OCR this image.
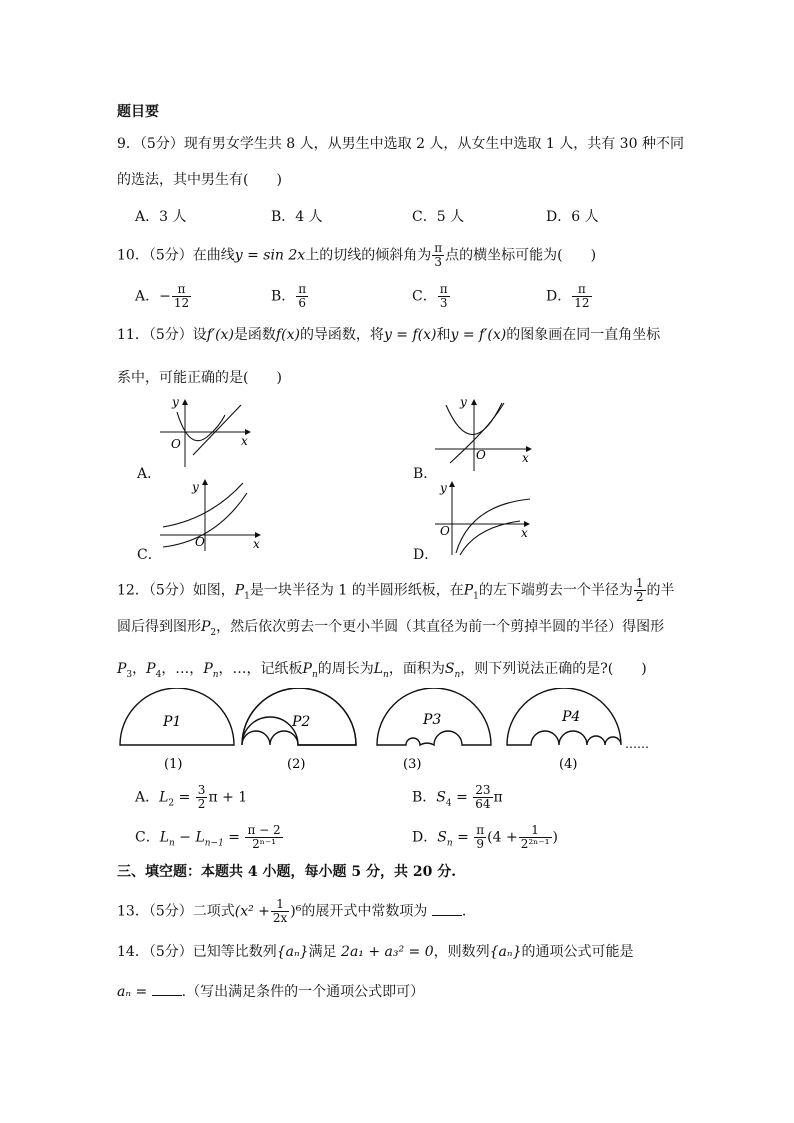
题目要
9．（5分）现有男女学生共 8 人，从男生中选取 2 人，从女生中选取 1 人，共有 30 种不同
的选法，其中男生有(　　)
A．3 人	B．4 人	C．5 人	D．6 人
10．（5分）在曲线y = sin 2x上的切线的倾斜角为 $\frac{\pi}{3}$ 点的横坐标可能为(　　)
A．− $\frac{\pi}{12}$	B． $\frac{\pi}{6}$	C． $\frac{\pi}{3}$	D． $\frac{\pi}{12}$
11．（5分）设f′(x)是函数f(x)的导函数，将y = f(x)和y = f′(x)的图象画在同一直角坐标
系中，可能正确的是(　　)
A．
y
x
O
B．
y
x
O
C．
y
x
O
D．
y
x
O
12．（5分）如图，$P_1$是一块半径为 1 的半圆形纸板，在$P_1$的左下端剪去一个半径为 $\frac{1}{2}$ 的半
圆后得到图形$P_2$，然后依次剪去一个更小半圆（其直径为前一个剪掉半圆的半径）得图形
$P_3$，$P_4$，…，$P_n$，…，记纸板$P_n$的周长为$L_n$，面积为$S_n$，则下列说法正确的是?(　　)
P1
(1)
P2
(2)
P3
(3)
P4
(4)
……
A．$L_2 = \frac{3}{2}$ π + 1	B．$S_4 = \frac{23}{64}$ π
C．$L_n - L_{n-1} = \frac{\pi - 2}{\text{2ⁿ⁻¹}}$	D．$S_n = \frac{\pi}{9} (4 + \frac{1}{\text{2²ⁿ⁻¹}}$ )
三、填空题：本题共 4 小题，每小题 5 分，共 20 分.
13．（5分）二项式$(x^2 + \frac{1}{2x} )^6$的展开式中常数项为 .
14．（5分）已知等比数列{aₙ}满足 2a₁ + a₃² = 0，则数列{aₙ}的通项公式可能是
aₙ = .（写出满足条件的一个通项公式即可）
